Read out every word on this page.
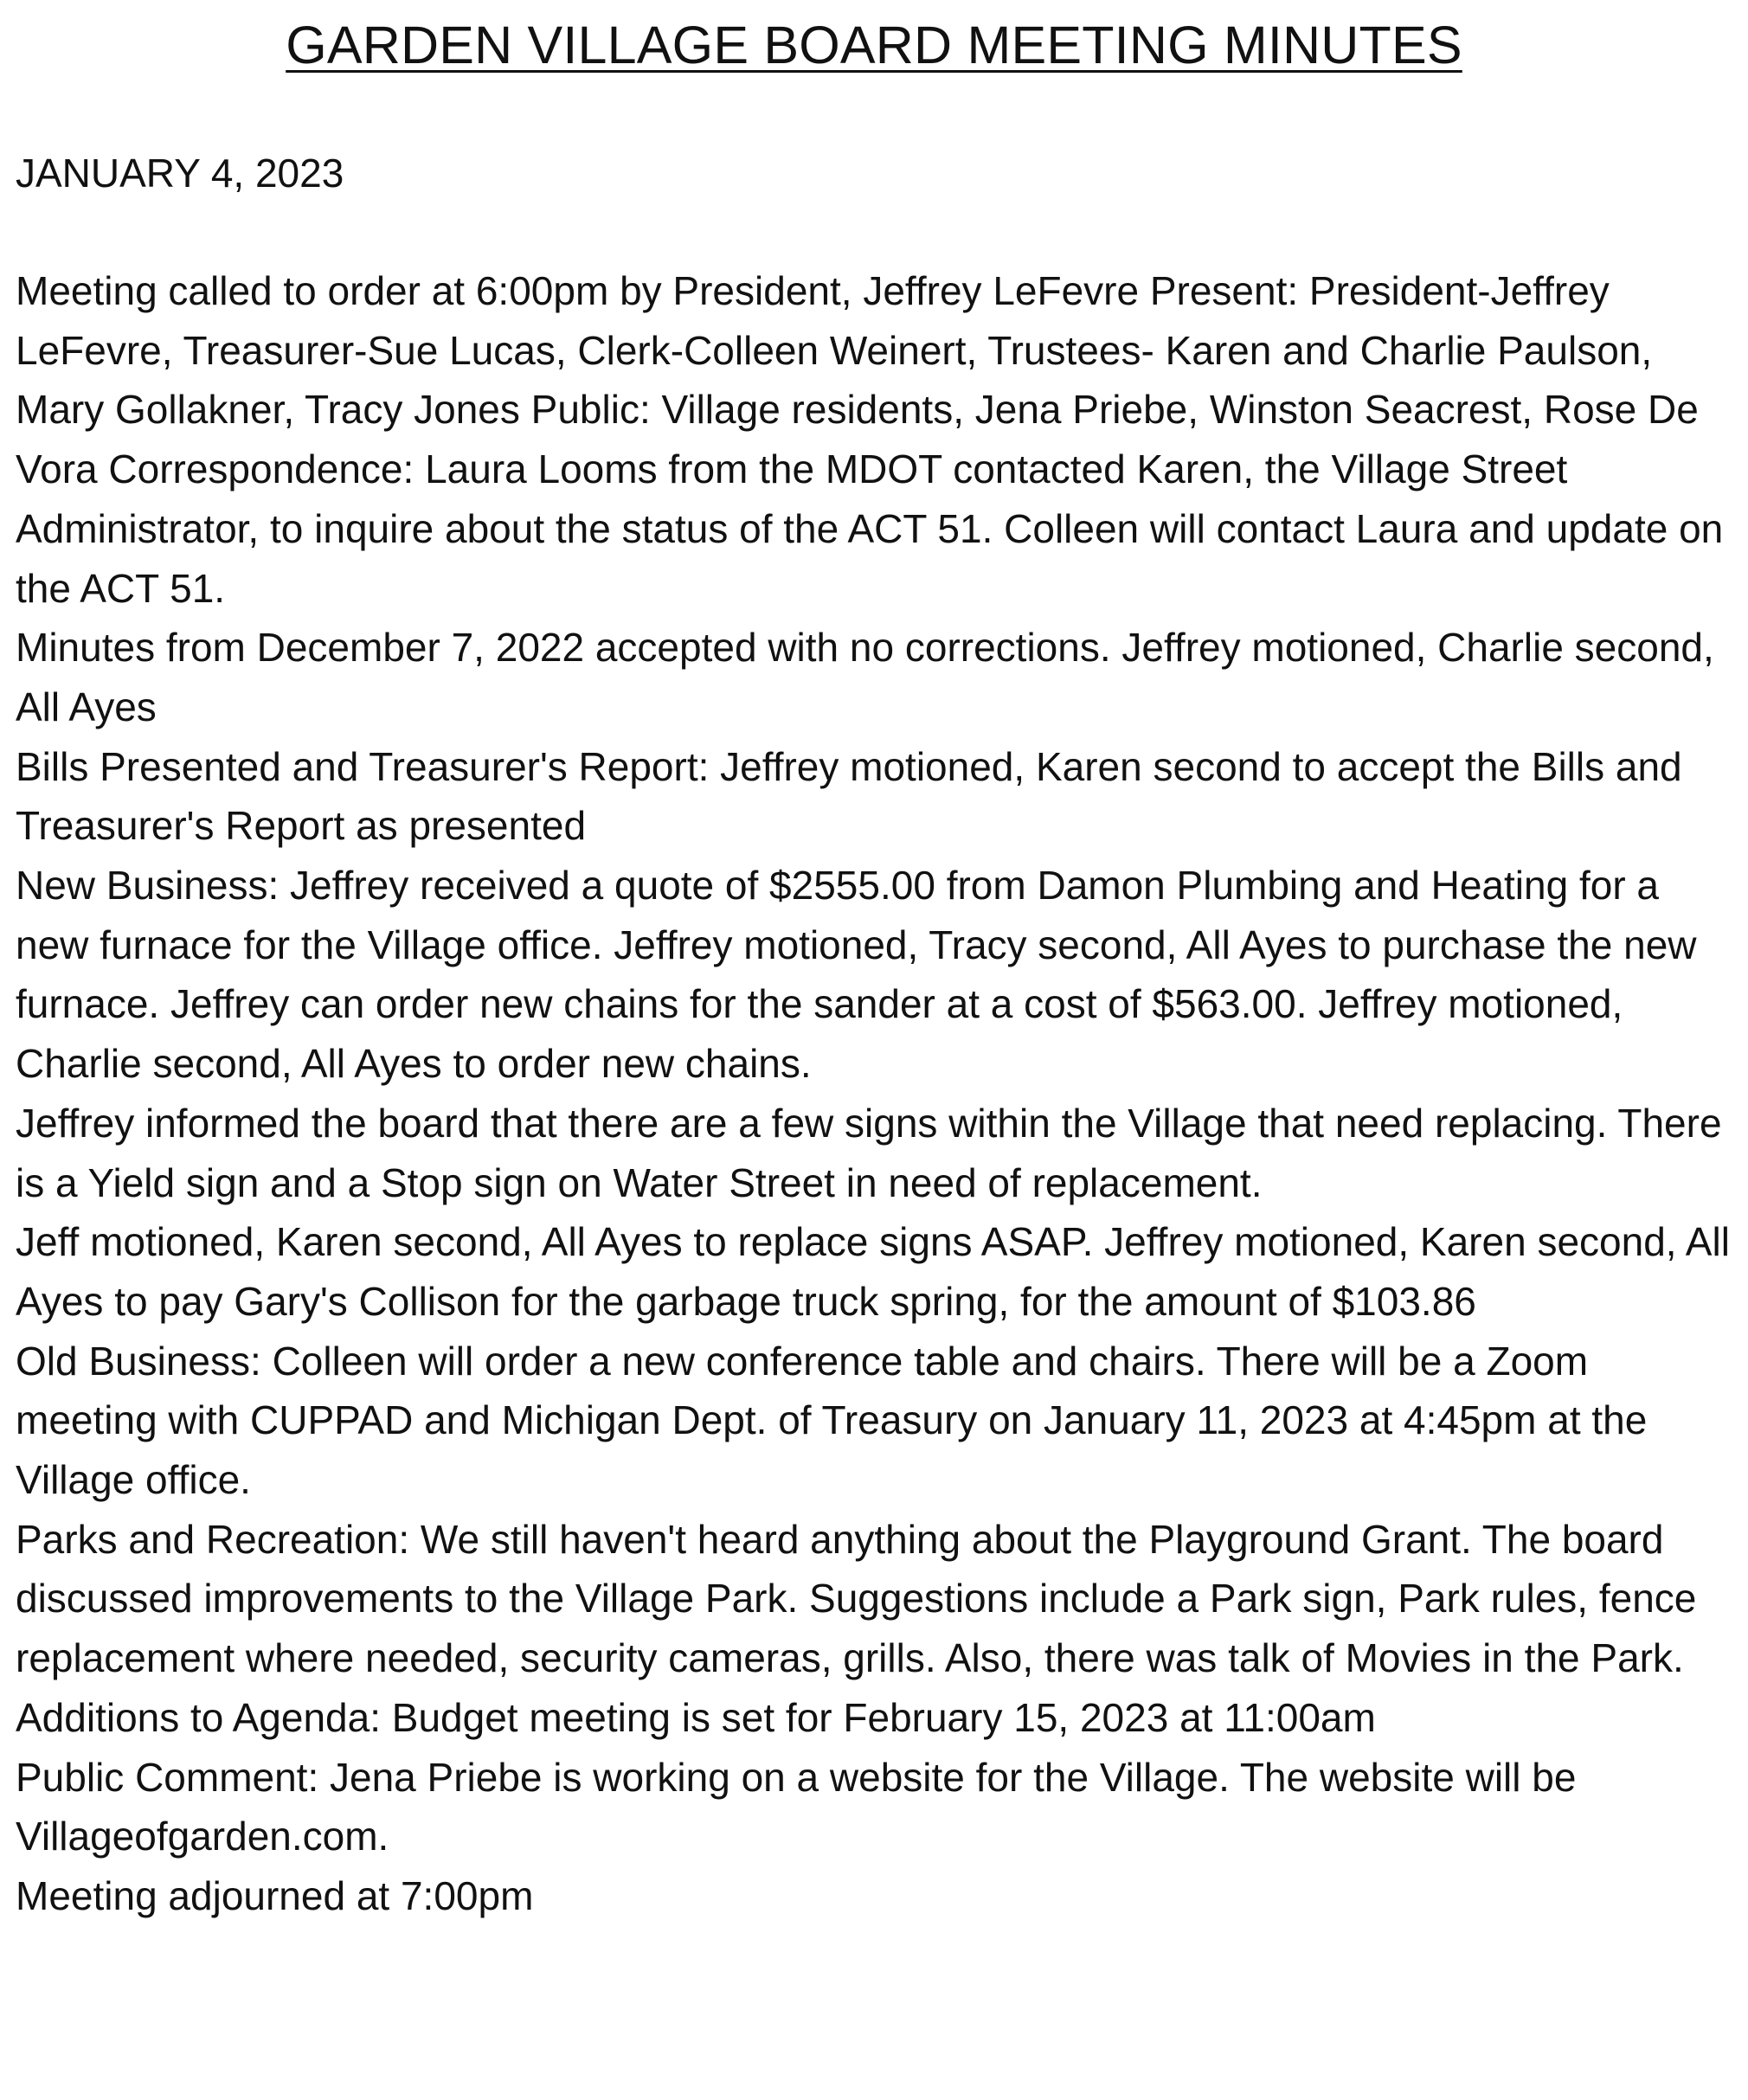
GARDEN VILLAGE BOARD MEETING MINUTES
JANUARY 4, 2023

Meeting called to order at 6:00pm by President, Jeffrey LeFevre Present: President-Jeffrey LeFevre, Treasurer-Sue Lucas, Clerk-Colleen Weinert, Trustees- Karen and Charlie Paulson, Mary Gollakner, Tracy Jones Public: Village residents, Jena Priebe, Winston Seacrest, Rose De Vora Correspondence: Laura Looms from the MDOT contacted Karen, the Village Street Administrator, to inquire about the status of the ACT 51. Colleen will contact Laura and update on the ACT 51.

Minutes from December 7, 2022 accepted with no corrections. Jeffrey motioned, Charlie second, All Ayes

Bills Presented and Treasurer's Report: Jeffrey motioned, Karen second to accept the Bills and Treasurer's Report as presented

New Business: Jeffrey received a quote of $2555.00 from Damon Plumbing and Heating for a new furnace for the Village office. Jeffrey motioned, Tracy second, All Ayes to purchase the new furnace. Jeffrey can order new chains for the sander at a cost of $563.00. Jeffrey motioned, Charlie second, All Ayes to order new chains.

Jeffrey informed the board that there are a few signs within the Village that need replacing. There is a Yield sign and a Stop sign on Water Street in need of replacement.

Jeff motioned, Karen second, All Ayes to replace signs ASAP. Jeffrey motioned, Karen second, All Ayes to pay Gary's Collison for the garbage truck spring, for the amount of $103.86

Old Business: Colleen will order a new conference table and chairs. There will be a Zoom meeting with CUPPAD and Michigan Dept. of Treasury on January 11, 2023 at 4:45pm at the Village office.

Parks and Recreation: We still haven't heard anything about the Playground Grant. The board discussed improvements to the Village Park. Suggestions include a Park sign, Park rules, fence replacement where needed, security cameras, grills. Also, there was talk of Movies in the Park.

Additions to Agenda: Budget meeting is set for February 15, 2023 at 11:00am

Public Comment: Jena Priebe is working on a website for the Village. The website will be Villageofgarden.com.

Meeting adjourned at 7:00pm
